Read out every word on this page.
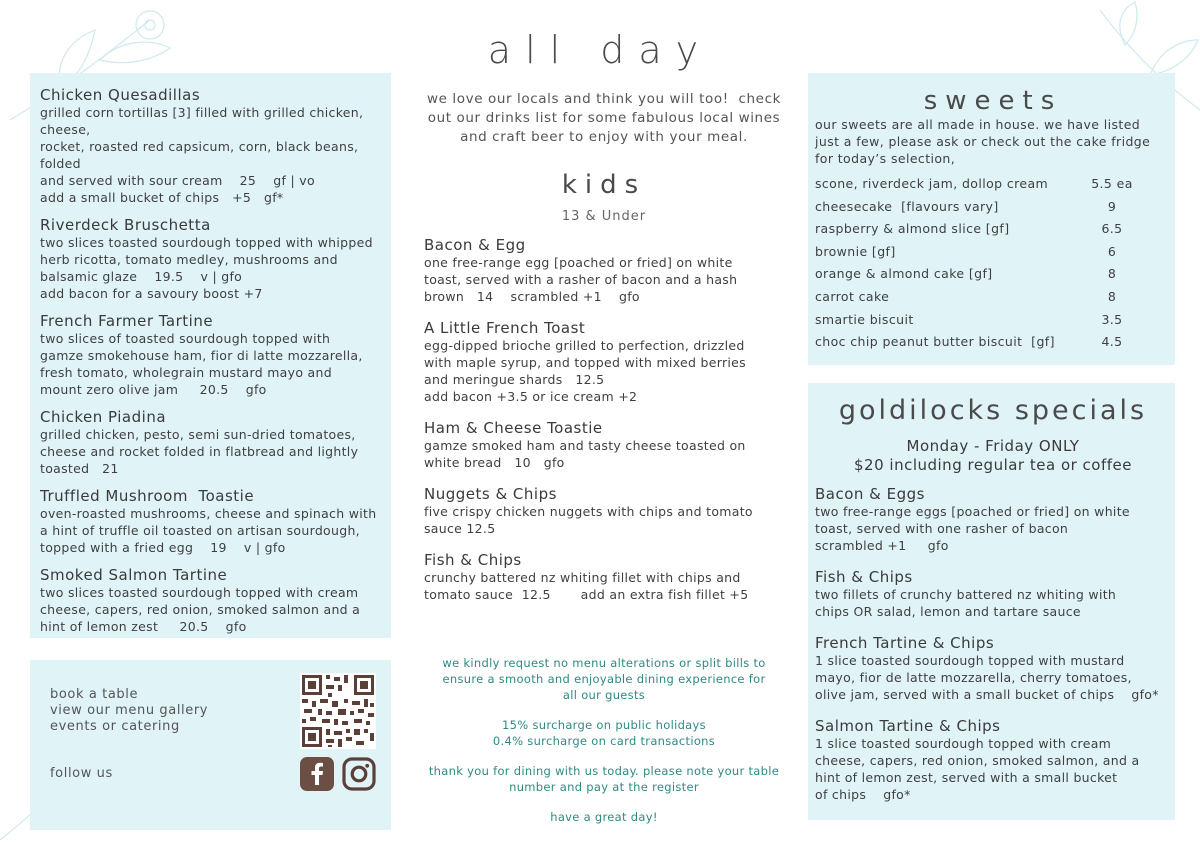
all day
Chicken Quesadillas
grilled corn tortillas [3] filled with grilled chicken, cheese,
rocket, roasted red capsicum, corn, black beans, folded
and served with sour cream    25    gf | vo
add a small bucket of chips   +5   gf*
Riverdeck Bruschetta
two slices toasted sourdough topped with whipped
herb ricotta, tomato medley, mushrooms and
balsamic glaze    19.5    v | gfo
add bacon for a savoury boost +7
French Farmer Tartine
two slices of toasted sourdough topped with
gamze smokehouse ham, fior di latte mozzarella,
fresh tomato, wholegrain mustard mayo and
mount zero olive jam     20.5    gfo
Chicken Piadina
grilled chicken, pesto, semi sun-dried tomatoes,
cheese and rocket folded in flatbread and lightly
toasted   21
Truffled Mushroom  Toastie
oven-roasted mushrooms, cheese and spinach with
a hint of truffle oil toasted on artisan sourdough,
topped with a fried egg    19    v | gfo
Smoked Salmon Tartine
two slices toasted sourdough topped with cream
cheese, capers, red onion, smoked salmon and a
hint of lemon zest     20.5    gfo
book a table
view our menu gallery
events or catering
follow us
we love our locals and think you will too!  check
out our drinks list for some fabulous local wines
and craft beer to enjoy with your meal.
kids
13 & Under
Bacon & Egg
one free-range egg [poached or fried] on white
toast, served with a rasher of bacon and a hash
brown   14    scrambled +1    gfo
A Little French Toast
egg-dipped brioche grilled to perfection, drizzled
with maple syrup, and topped with mixed berries
and meringue shards   12.5
add bacon +3.5 or ice cream +2
Ham & Cheese Toastie
gamze smoked ham and tasty cheese toasted on
white bread   10   gfo
Nuggets & Chips
five crispy chicken nuggets with chips and tomato
sauce 12.5
Fish & Chips
crunchy battered nz whiting fillet with chips and
tomato sauce  12.5       add an extra fish fillet +5

we kindly request no menu alterations or split bills to
ensure a smooth and enjoyable dining experience for
all our guests

15% surcharge on public holidays
0.4% surcharge on card transactions

thank you for dining with us today. please note your table
number and pay at the register

have a great day!

sweets
our sweets are all made in house. we have listed
just a few, please ask or check out the cake fridge
for today’s selection,
scone, riverdeck jam, dollop cream	5.5 ea
cheesecake  [flavours vary]	9
raspberry & almond slice [gf]	6.5
brownie [gf]	6
orange & almond cake [gf]	8
carrot cake	8
smartie biscuit	3.5
choc chip peanut butter biscuit  [gf]	4.5
goldilocks specials
Monday - Friday ONLY
$20 including regular tea or coffee
Bacon & Eggs
two free-range eggs [poached or fried] on white
toast, served with one rasher of bacon
scrambled +1     gfo
Fish & Chips
two fillets of crunchy battered nz whiting with
chips OR salad, lemon and tartare sauce
French Tartine & Chips
1 slice toasted sourdough topped with mustard
mayo, fior de latte mozzarella, cherry tomatoes,
olive jam, served with a small bucket of chips    gfo*
Salmon Tartine & Chips
1 slice toasted sourdough topped with cream
cheese, capers, red onion, smoked salmon, and a
hint of lemon zest, served with a small bucket
of chips    gfo*
